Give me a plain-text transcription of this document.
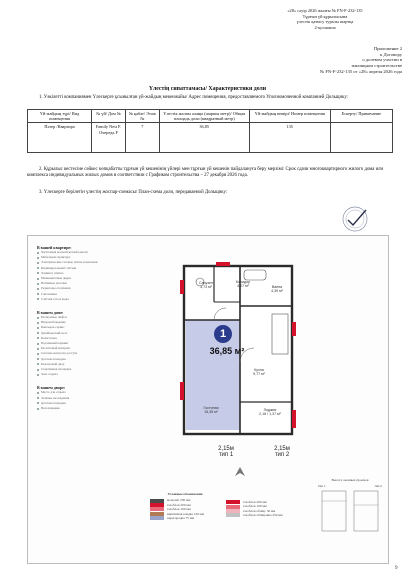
«28» сәуір 2026 жылғы № FN-F-232-135
Тұрғын үй құрылысына
үлестік қатысу туралы шартқа
2-қосымша
Приложение 2
к Договору
о долевом участии в
жилищном строительстве
№ FN-F-232-135 от «28» апреля 2026 года
Үлестің сипаттамасы/ Характеристики доли
1. Уәкілетті компаниямен Үлескерге ұсынылған үй-жайдың мекенжайы/ Адрес помещения, предоставляемого Уполномоченной компанией Дольщику:
Үй-жайдың түрі/ Вид помещения	№ үй/ Дом №	№ қабат/ Этаж №	Үлестік жалпы алаңы (шаршы метр)/ Общая площадь доли (квадратный метр)	Үй-жайдың нөмірі/ Номер помещения	Ескерту/ Примечание
Пәтер /Квартира	Family Nest F. Очередь F	7	36,85	135	
2. Құрылыс кестесіне сәйкес көпқабатты тұрғын үй кешенінің үйлері мен тұрғын үй кешенін пайдалануға беру мерзімі: Срок сдачи многоквартирного жилого дома или комплекса индивидуальных жилых домов в соответствии с Графиком строительства – 27 декабря 2026 года.
3. Үлескерге берілетін үлестің жоспар-схемасы/ План-схема доли, передаваемой Дольщику:
В вашей квартире:
Частичный косметический ремонт
Мебельная гарнитура
Электрические газовые плиты и вытяжки
Индивидуальный счётчик
Ламинат, плитка
Межкомнатные двери
Натяжные потолки
Радиаторы отопления
Сантехника
Счётчик газа и воды
В вашем доме:
Бесшумные лифты
Видеонаблюдение
Консьерж-сервис
Дизайнерский холл
Колясочная
Подземный паркинг
Бесплатный интернет
Система контроля доступа
Детская площадка
Безопасный двор
Спортивная площадка
Зона отдыха
В вашем дворе:
Место для отдыха
Зелёные насаждения
Детская площадка
Велопарковка
Санузел
3,73 м²
Коридор
4,07 м²	Ванна
4,39 м²
Кухня
9,77 м²
Гостиная
15,35 м²
Лоджия
2,16 / 1,37 м²
1
36,85 м²
2,15м
тип 1
2,15м
тип 2
Условные обозначения
монолит 250 мм
газоблок 200 мм
газоблок 100 мм
кирпичная кладка 120 мм
перегородка 75 мм
газоблок 200 мм
газоблок 100 мм
газоблок облиц. 50 мм
газоблок облицовка 250 мм
Высота оконных проемов
тип 1	тип 2
9
